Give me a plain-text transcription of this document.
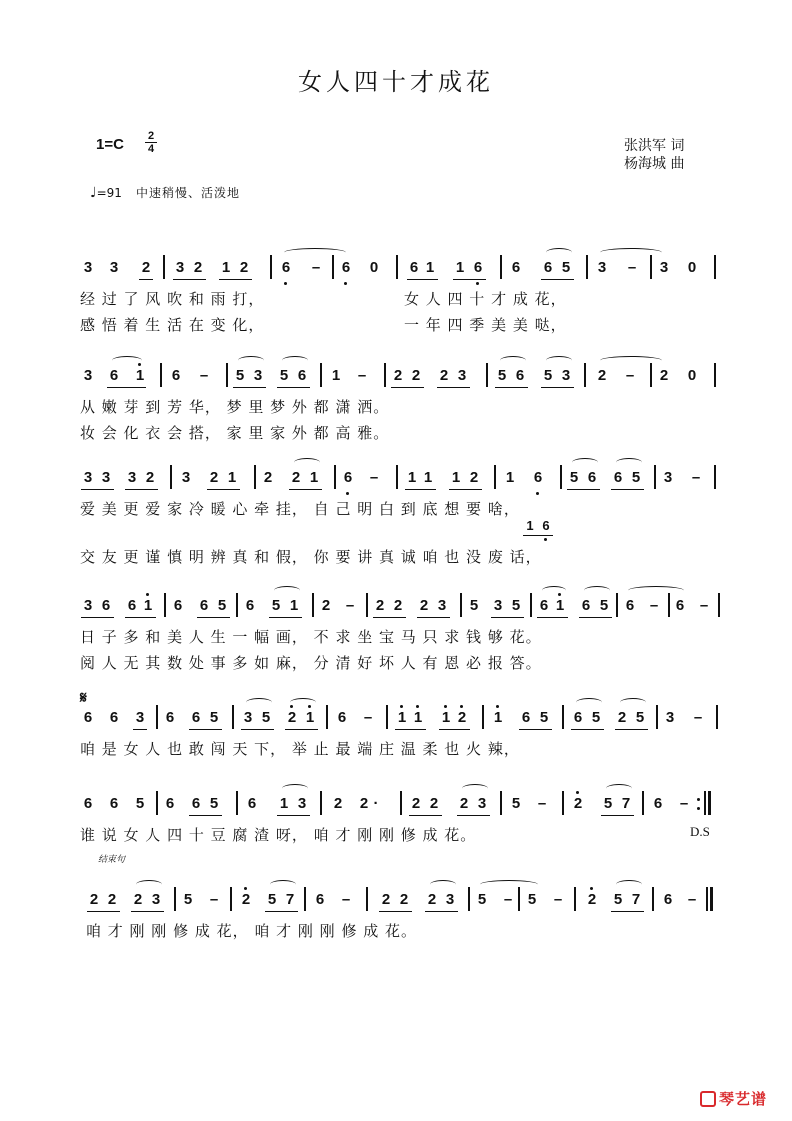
女人四十才成花
$1=C \frac{2}{4}$	张洪军 词
杨海城 曲
♩=91 中速稍慢、活泼地
3 3 2 3 2 1 2 6 – 6 0 6 1 1 6 6 6 5 3 – 3 0
经 过 了 风 吹 和 雨 打，	女 人 四 十 才 成 花，
感 悟 着 生 活 在 变 化，	一 年 四 季 美 美 哒，
3 6 1 6 – 5 3 5 6 1 – 2 2 2 3 5 6 5 3 2 – 2 0
从 嫩 芽 到 芳 华， 梦 里 梦 外 都 潇 洒。
妆 会 化 衣 会 搭， 家 里 家 外 都 高 雅。
3 3 3 2 3 2 1 2 2 1 6 – 1 1 1 2 1 6 5 6 6 5 3 –
爱 美 更 爱 家 冷 暖 心 牵 挂， 自 己 明 白 到 底 想 要 啥，
1 6
交 友 更 谨 慎 明 辨 真 和 假， 你 要 讲 真 诚 咱 也 没 废 话，
3 6 6 1 6 6 5 6 5 1 2 – 2 2 2 3 5 3 5 6 1 6 5 6 – 6 –
日 子 多 和 美 人 生 一 幅 画， 不 求 坐 宝 马 只 求 钱 够 花。
阅 人 无 其 数 处 事 多 如 麻， 分 清 好 坏 人 有 恩 必 报 答。
𝄋
6 6 3 6 6 5 3 5 2 1 6 – 1 1 1 2 1 6 5 6 5 2 5 3 –
咱 是 女 人 也 敢 闯 天 下， 举 止 最 端 庄 温 柔 也 火 辣，
6 6 5 6 6 5 6 1 3 2 2 ·	2 2 2 3 5 – 2 5 7 6 –
谁 说 女 人 四 十 豆 腐 渣 呀， 咱 才 刚 刚 修 成 花。	D.S
结束句
2 2 2 3 5 – 2 5 7 6 – 2 2 2 3 5 – 5 – 2 5 7 6 –
咱 才 刚 刚 修 成 花， 咱 才 刚 刚 修 成 花。
琴艺谱
